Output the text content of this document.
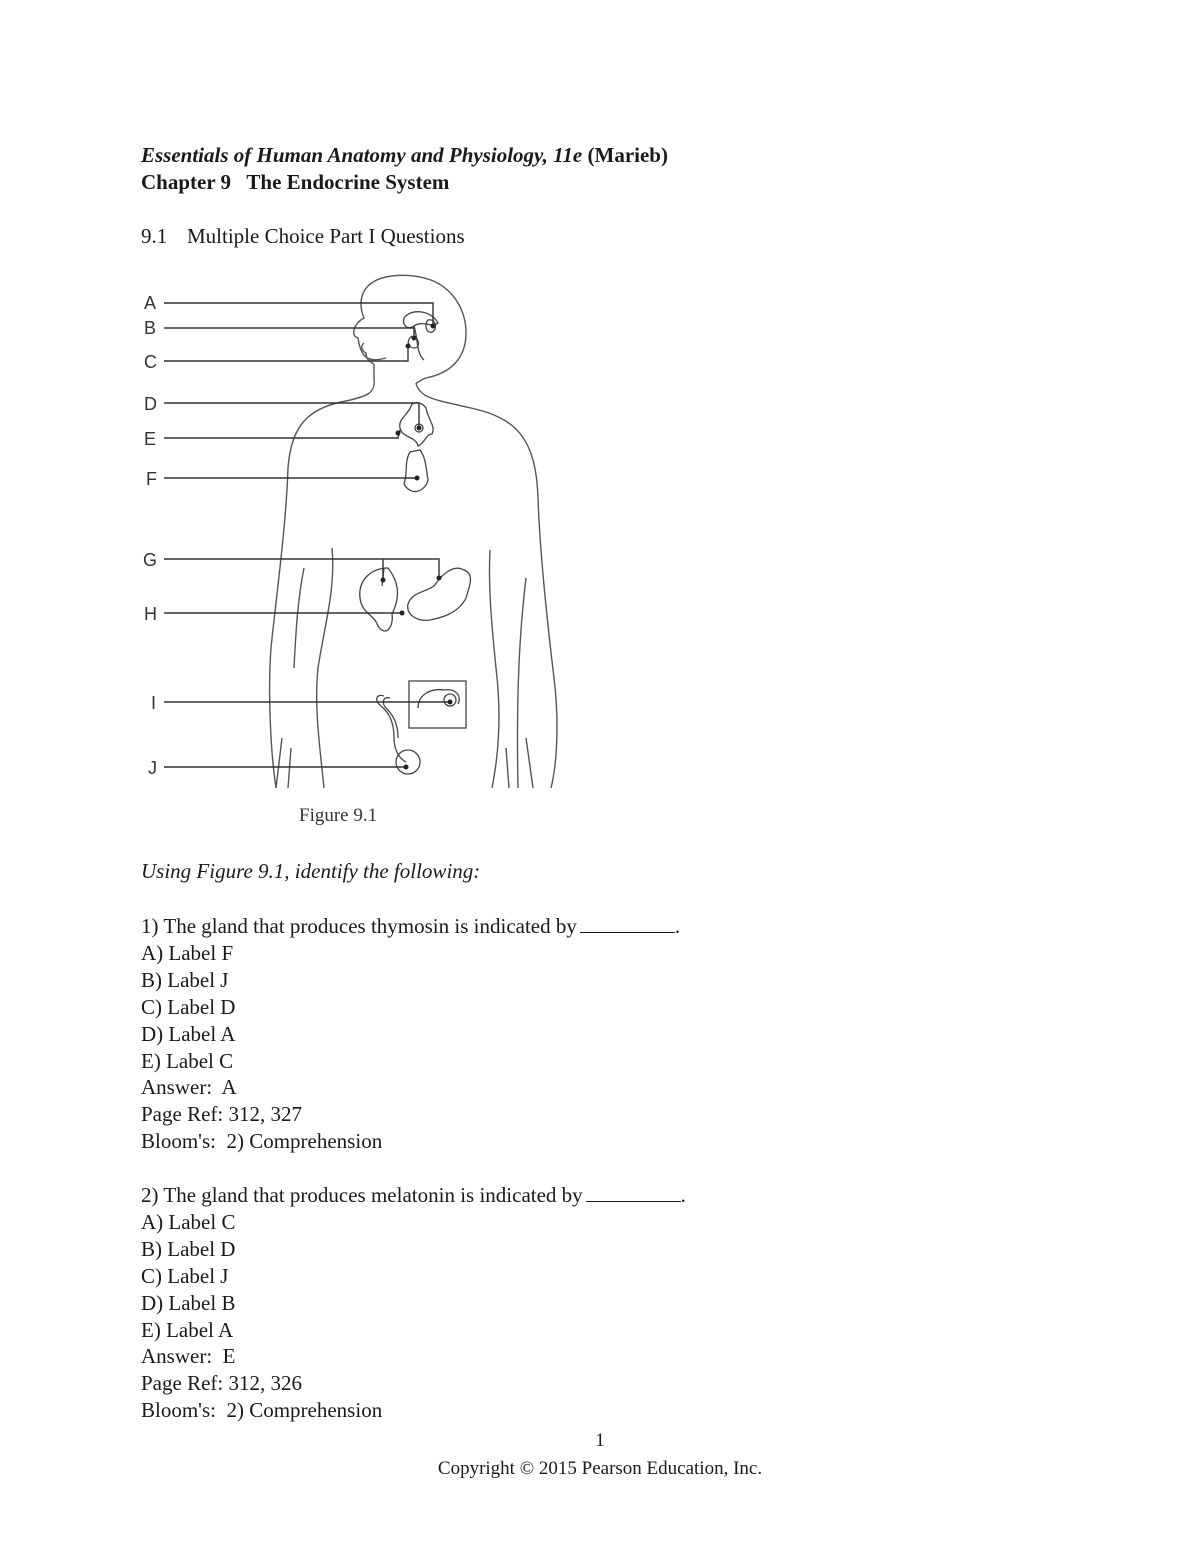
Essentials of Human Anatomy and Physiology, 11e (Marieb)
Chapter 9 The Endocrine System
9.1 Multiple Choice Part I Questions
A
B
C
D
E
F
G
H
I
J
Figure 9.1
Using Figure 9.1, identify the following:
1) The gland that produces thymosin is indicated by	.
A) Label F
B) Label J
C) Label D
D) Label A
E) Label C
Answer:  A
Page Ref: 312, 327
Bloom's:  2) Comprehension
2) The gland that produces melatonin is indicated by	.
A) Label C
B) Label D
C) Label J
D) Label B
E) Label A
Answer:  E
Page Ref: 312, 326
Bloom's:  2) Comprehension
1
Copyright © 2015 Pearson Education, Inc.
